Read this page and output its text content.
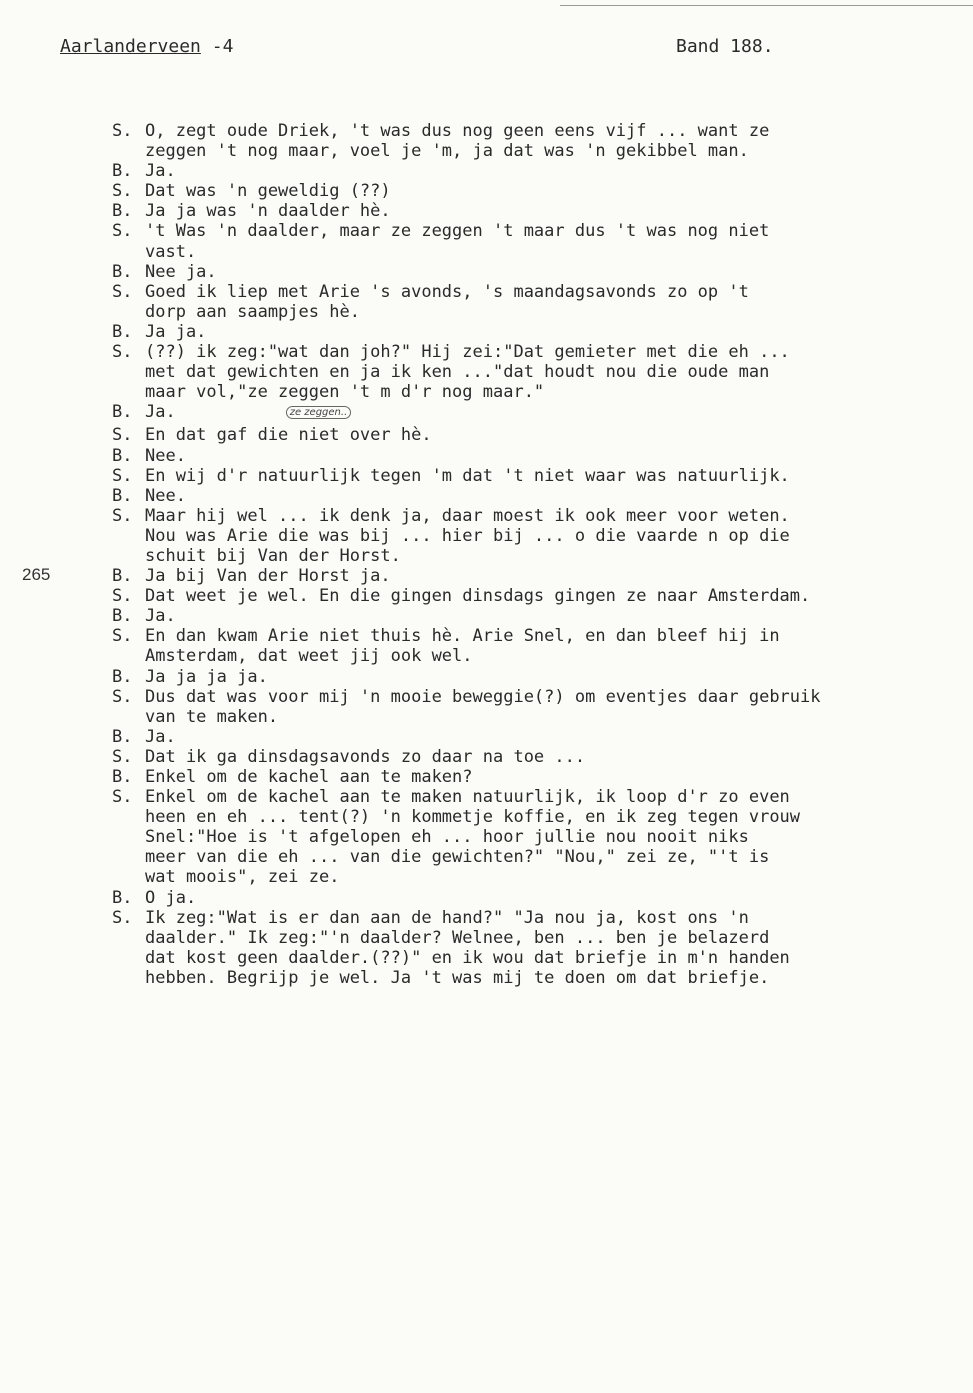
Aarlanderveen -4	Band 188.
265
S. O, zegt oude Driek, 't was dus nog geen eens vijf ... want ze
zeggen 't nog maar, voel je 'm, ja dat was 'n gekibbel man.
B. Ja.
S. Dat was 'n geweldig (??)
B. Ja ja was 'n daalder hè.
S. 't Was 'n daalder, maar ze zeggen 't maar dus 't was nog niet
vast.
B. Nee ja.
S. Goed ik liep met Arie 's avonds, 's maandagsavonds zo op 't
dorp aan saampjes hè.
B. Ja ja.
S. (??) ik zeg:"wat dan joh?" Hij zei:"Dat gemieter met die eh ...
met dat gewichten en ja ik ken ..."dat houdt nou die oude man
maar vol,"ze zeggen 't m d'r nog maar."
B. Ja.	ze zeggen..
S. En dat gaf die niet over hè.
B. Nee.
S. En wij d'r natuurlijk tegen 'm dat 't niet waar was natuurlijk.
B. Nee.
S. Maar hij wel ... ik denk ja, daar moest ik ook meer voor weten.
Nou was Arie die was bij ... hier bij ... o die vaarde n op die
schuit bij Van der Horst.
B. Ja bij Van der Horst ja.
S. Dat weet je wel. En die gingen dinsdags gingen ze naar Amsterdam.
B. Ja.
S. En dan kwam Arie niet thuis hè. Arie Snel, en dan bleef hij in
Amsterdam, dat weet jij ook wel.
B. Ja ja ja ja.
S. Dus dat was voor mij 'n mooie beweggie(?) om eventjes daar gebruik
van te maken.
B. Ja.
S. Dat ik ga dinsdagsavonds zo daar na toe ...
B. Enkel om de kachel aan te maken?
S. Enkel om de kachel aan te maken natuurlijk, ik loop d'r zo even
heen en eh ... tent(?) 'n kommetje koffie, en ik zeg tegen vrouw
Snel:"Hoe is 't afgelopen eh ... hoor jullie nou nooit niks
meer van die eh ... van die gewichten?" "Nou," zei ze, "'t is
wat moois", zei ze.
B. O ja.
S. Ik zeg:"Wat is er dan aan de hand?" "Ja nou ja, kost ons 'n
daalder." Ik zeg:"'n daalder? Welnee, ben ... ben je belazerd
dat kost geen daalder.(??)" en ik wou dat briefje in m'n handen
hebben. Begrijp je wel. Ja 't was mij te doen om dat briefje.
